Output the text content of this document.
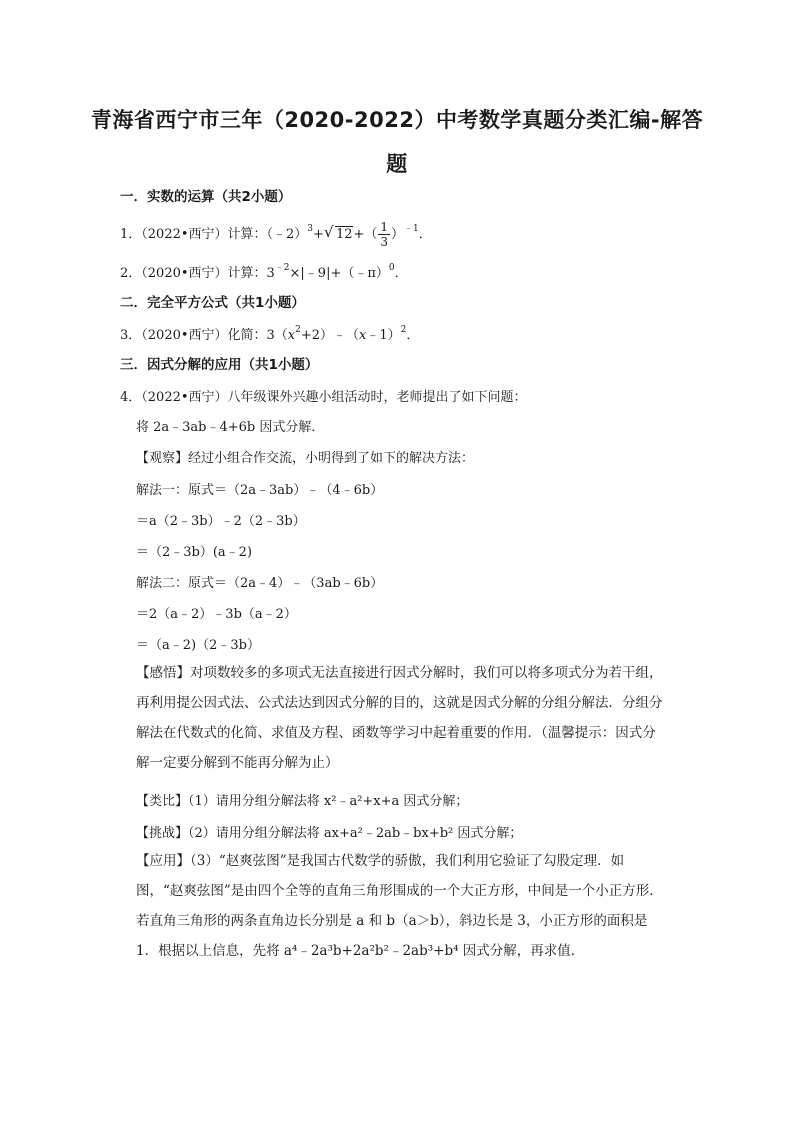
青海省西宁市三年（2020-2022）中考数学真题分类汇编-解答
题
一．实数的运算（共2小题）
1．（2022•西宁）计算：（﹣2）$^3$+ √ $12+( \frac{1}{3} )^{﹣1}$．
2．（2020•西宁）计算：$3^{﹣2}\times|﹣9|+(﹣\pi)^0$．
二．完全平方公式（共1小题）
3．（2020•西宁）化简：$3(x^2+2)﹣(x﹣1)^2$．
三．因式分解的应用（共1小题）
4．（2022•西宁）八年级课外兴趣小组活动时，老师提出了如下问题：
将 2a﹣3ab﹣4+6b 因式分解．
【观察】经过小组合作交流，小明得到了如下的解决方法：
解法一：原式＝（2a﹣3ab）﹣（4﹣6b）
＝a（2﹣3b）﹣2（2﹣3b）
＝（2﹣3b）(a﹣2)
解法二：原式＝（2a﹣4）﹣（3ab﹣6b）
＝2（a﹣2）﹣3b（a﹣2）
＝（a﹣2)（2﹣3b）
【感悟】对项数较多的多项式无法直接进行因式分解时，我们可以将多项式分为若干组，再利用提公因式法、公式法达到因式分解的目的，这就是因式分解的分组分解法．分组分解法在代数式的化简、求值及方程、函数等学习中起着重要的作用．（温馨提示：因式分解一定要分解到不能再分解为止）
【类比】（1）请用分组分解法将 x²﹣a²+x+a 因式分解；
【挑战】（2）请用分组分解法将 ax+a²﹣2ab﹣bx+b² 因式分解；
【应用】（3）“赵爽弦图”是我国古代数学的骄傲，我们利用它验证了勾股定理．如图，“赵爽弦图”是由四个全等的直角三角形围成的一个大正方形，中间是一个小正方形．若直角三角形的两条直角边长分别是 a 和 b（a＞b），斜边长是 3，小正方形的面积是 1．根据以上信息，先将 a⁴﹣2a³b+2a²b²﹣2ab³+b⁴ 因式分解，再求值．
